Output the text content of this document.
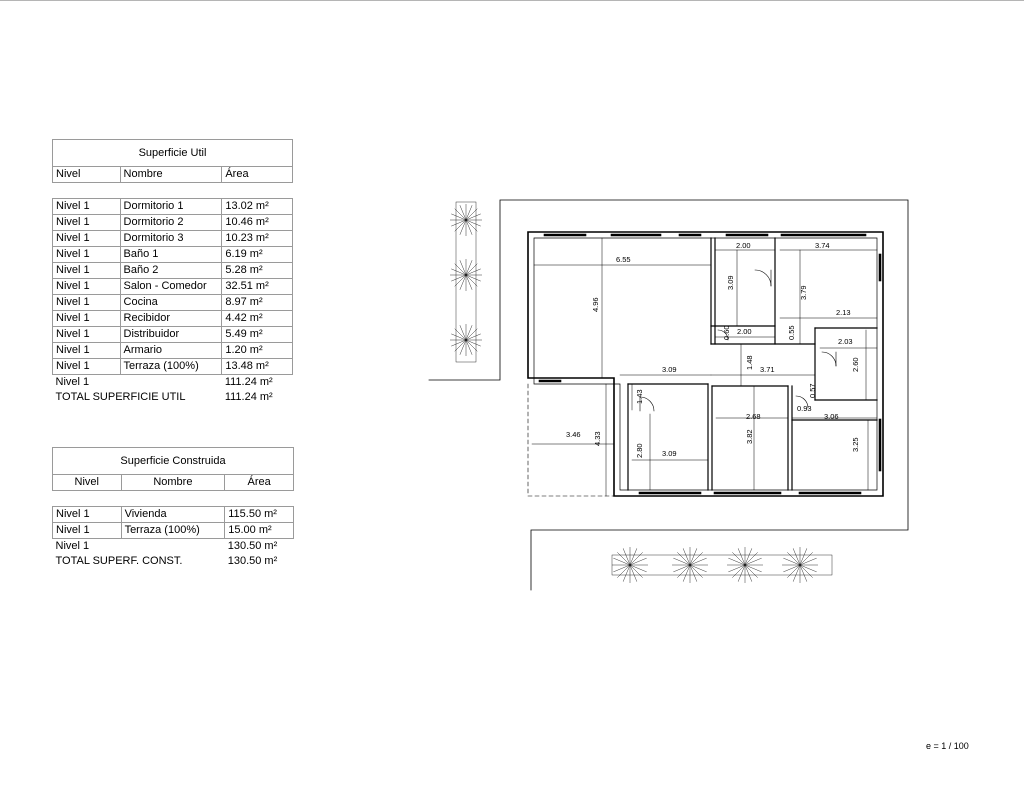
Superficie Util		
Nivel	Nombre	Área

Nivel 1	Dormitorio 1	13.02 m²
Nivel 1	Dormitorio 2	10.46 m²
Nivel 1	Dormitorio 3	10.23 m²
Nivel 1	Baño 1	6.19 m²
Nivel 1	Baño 2	5.28 m²
Nivel 1	Salon - Comedor	32.51 m²
Nivel 1	Cocina	8.97 m²
Nivel 1	Recibidor	4.42 m²
Nivel 1	Distribuidor	5.49 m²
Nivel 1	Armario	1.20 m²
Nivel 1	Terraza (100%)	13.48 m²
Nivel 1		111.24 m²
TOTAL SUPERFICIE UTIL		111.24 m²
Superficie Construida		
Nivel	Nombre	Área

Nivel 1	Vivienda	115.50 m²
Nivel 1	Terraza (100%)	15.00 m²
Nivel 1		130.50 m²
TOTAL SUPERF. CONST.		130.50 m²
6.55
4.96
2.00
3.09
2.00
0.60
3.74
3.79
2.13
2.03
2.60
0.55
3.09	1.48 3.71
1.43	0.57
0.93
2.68
3.82
3.06
3.25
3.46 4.33
2.80 3.09
e = 1 / 100
